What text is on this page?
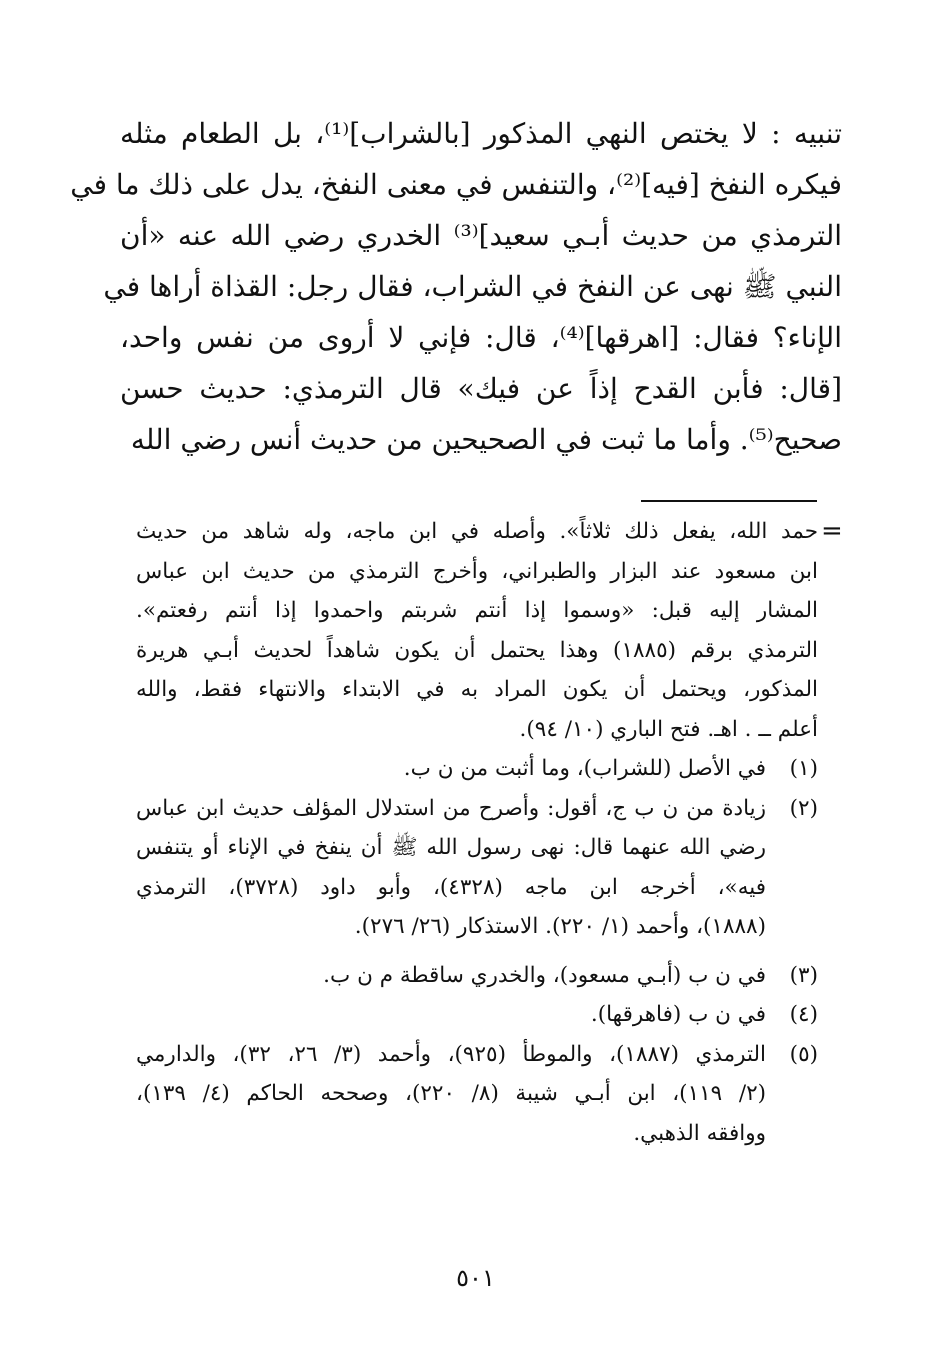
تنبيه : لا يختص النهي المذكور [بالشراب]⁽¹⁾، بل الطعام مثله
فيكره النفخ [فيه]⁽²⁾، والتنفس في معنى النفخ، يدل على ذلك ما في
الترمذي من حديث أبـي سعيد]⁽³⁾ الخدري رضي الله عنه «أن
النبي ﷺ نهى عن النفخ في الشراب، فقال رجل: القذاة أراها في
الإناء؟ فقال: [اهرقها]⁽⁴⁾، قال: فإني لا أروى من نفس واحد،
[قال: فأبن القدح إذاً عن فيك» قال الترمذي: حديث حسن
صحيح⁽⁵⁾. وأما ما ثبت في الصحيحين من حديث أنس رضي الله
=
حمد الله، يفعل ذلك ثلاثاً». وأصله في ابن ماجه، وله شاهد من حديث
ابن مسعود عند البزار والطبراني، وأخرج الترمذي من حديث ابن عباس
المشار إليه قبل: «وسموا إذا أنتم شربتم واحمدوا إذا أنتم رفعتم».
الترمذي برقم (١٨٨٥) وهذا يحتمل أن يكون شاهداً لحديث أبـي هريرة
المذكور، ويحتمل أن يكون المراد به في الابتداء والانتهاء فقط، والله
أعلم ــ . اهـ. فتح الباري (١٠/ ٩٤).
(١)في الأصل (للشراب)، وما أثبت من ن ب.
(٢)زيادة من ن ب ج، أقول: وأصرح من استدلال المؤلف حديث ابن عباس
رضي الله عنهما قال: نهى رسول الله ﷺ أن ينفخ في الإناء أو يتنفس
فيه»، أخرجه ابن ماجه (٤٣٢٨)، وأبو داود (٣٧٢٨)، الترمذي
(١٨٨٨)، وأحمد (١/ ٢٢٠). الاستذكار (٢٦/ ٢٧٦).
(٣)في ن ب (أبـي مسعود)، والخدري ساقطة م ن ب.
(٤)في ن ب (فاهرقها).
(٥)الترمذي (١٨٨٧)، والموطأ (٩٢٥)، وأحمد (٣/ ٢٦، ٣٢)، والدارمي
(٢/ ١١٩)، ابن أبـي شيبة (٨/ ٢٢٠)، وصححه الحاكم (٤/ ١٣٩)،
ووافقه الذهبي.
٥٠١
